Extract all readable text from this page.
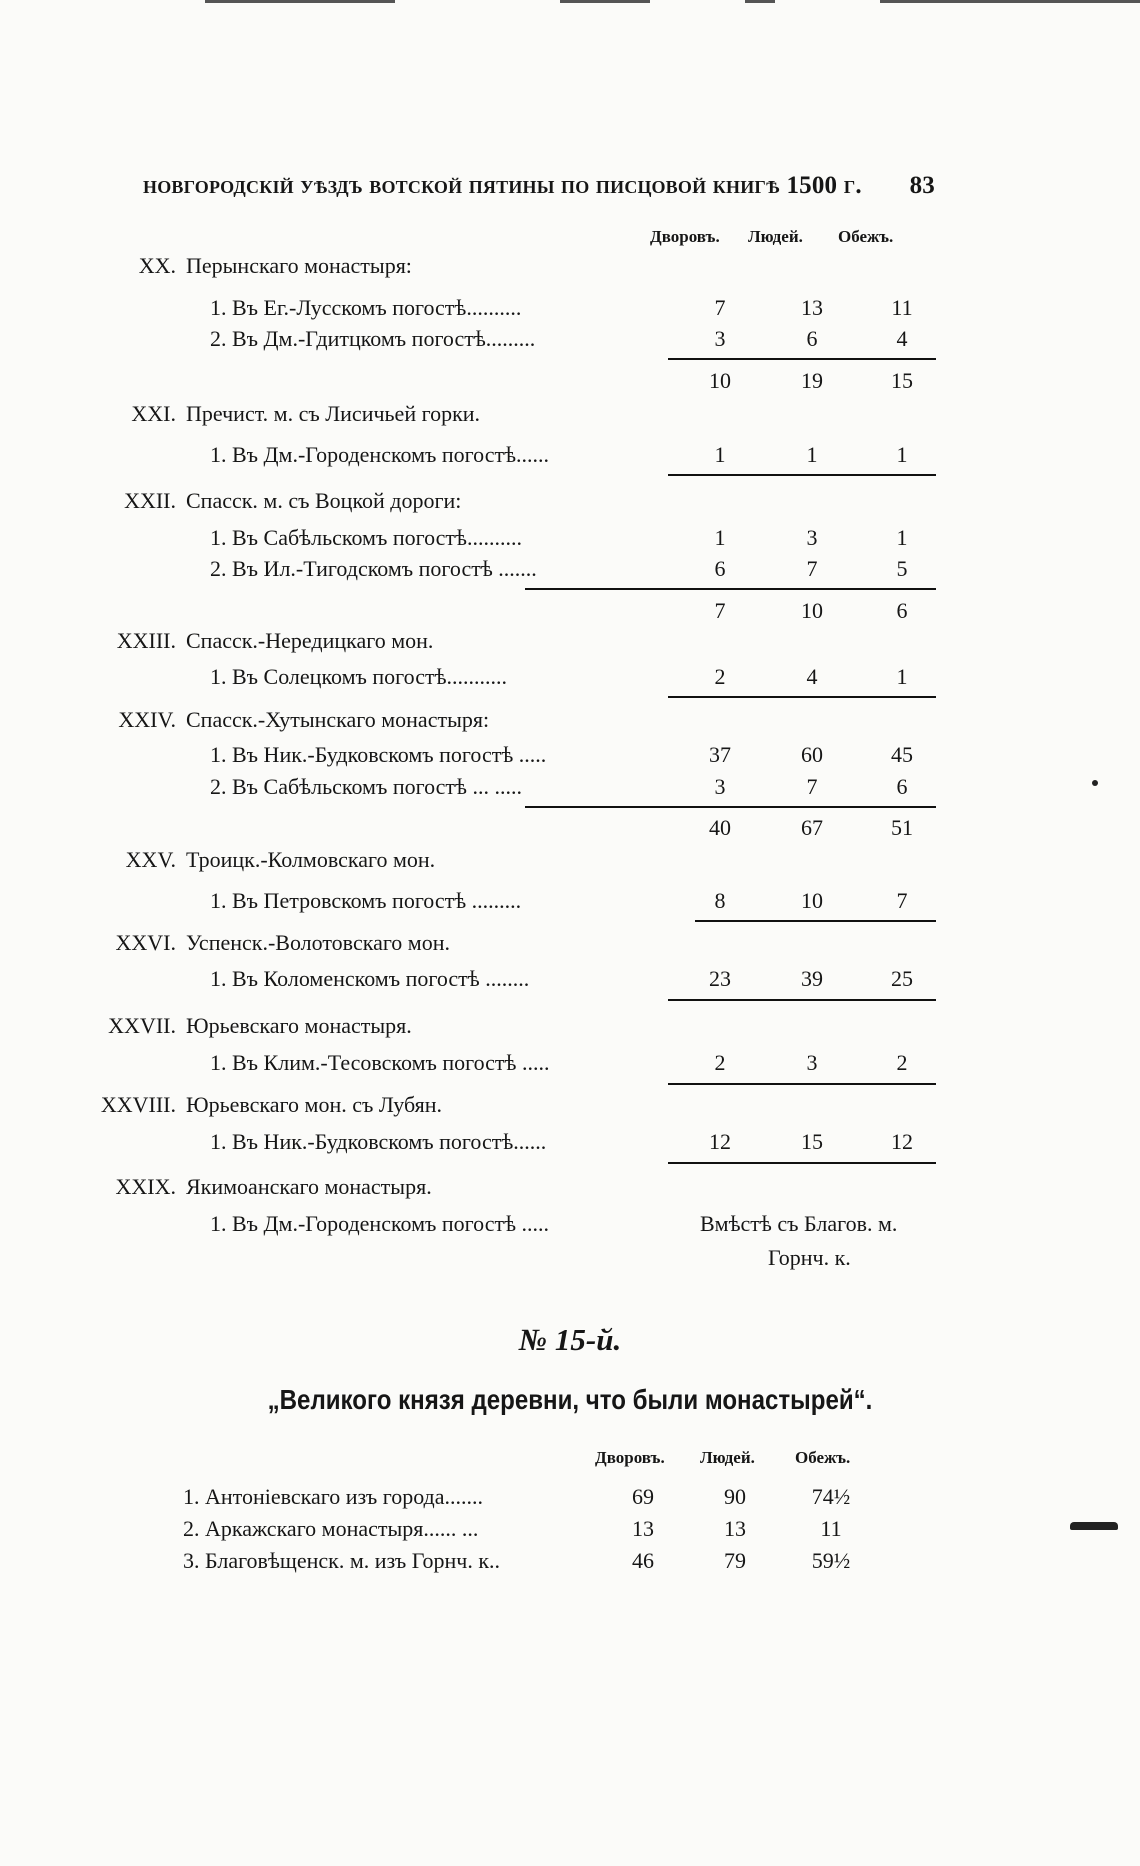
новгородскій уѣздъ вотской пятины по писцовой книгѣ 1500 г. 83
Дворовъ.	Людей.	Обежъ.
XX. Перынскаго монастыря:
1. Въ Ег.-Лусскомъ погостѣ..........	7	13	11
2. Въ Дм.-Гдитцкомъ погостѣ.........	3	6	4
10	19	15
XXI. Пречист. м. съ Лисичьей горки.
1. Въ Дм.-Городенскомъ погостѣ......	1	1	1
XXII. Спасск. м. съ Воцкой дороги:
1. Въ Сабѣльскомъ погостѣ..........	1	3	1
2. Въ Ил.-Тигодскомъ погостѣ .......	6	7	5
7	10	6
XXIII. Спасск.-Нередицкаго мон.
1. Въ Солецкомъ погостѣ...........	2	4	1
XXIV. Спасск.-Хутынскаго монастыря:
1. Въ Ник.-Будковскомъ погостѣ .....	37	60	45
2. Въ Сабѣльскомъ погостѣ ... .....	3	7	6
40	67	51
XXV. Троицк.-Колмовскаго мон.
1. Въ Петровскомъ погостѣ .........	8	10	7
XXVI. Успенск.-Волотовскаго мон.
1. Въ Коломенскомъ погостѣ ........	23	39	25
XXVII. Юрьевскаго монастыря.
1. Въ Клим.-Тесовскомъ погостѣ .....	2	3	2
XXVIII. Юрьевскаго мон. съ Лубян.
1. Въ Ник.-Будковскомъ погостѣ......	12	15	12
XXIX. Якимоанскаго монастыря.
1. Въ Дм.-Городенскомъ погостѣ .....	Вмѣстѣ съ Благов. м.
Горнч. к.
№ 15-й.
„Великого князя деревни, что были монастырей“.
Дворовъ. Людей. Обежъ.
1. Антоніевскаго изъ города.......	69	90	74½
2. Аркажскаго монастыря...... ...	13	13	11
3. Благовѣщенск. м. изъ Горнч. к..	46	79	59½
